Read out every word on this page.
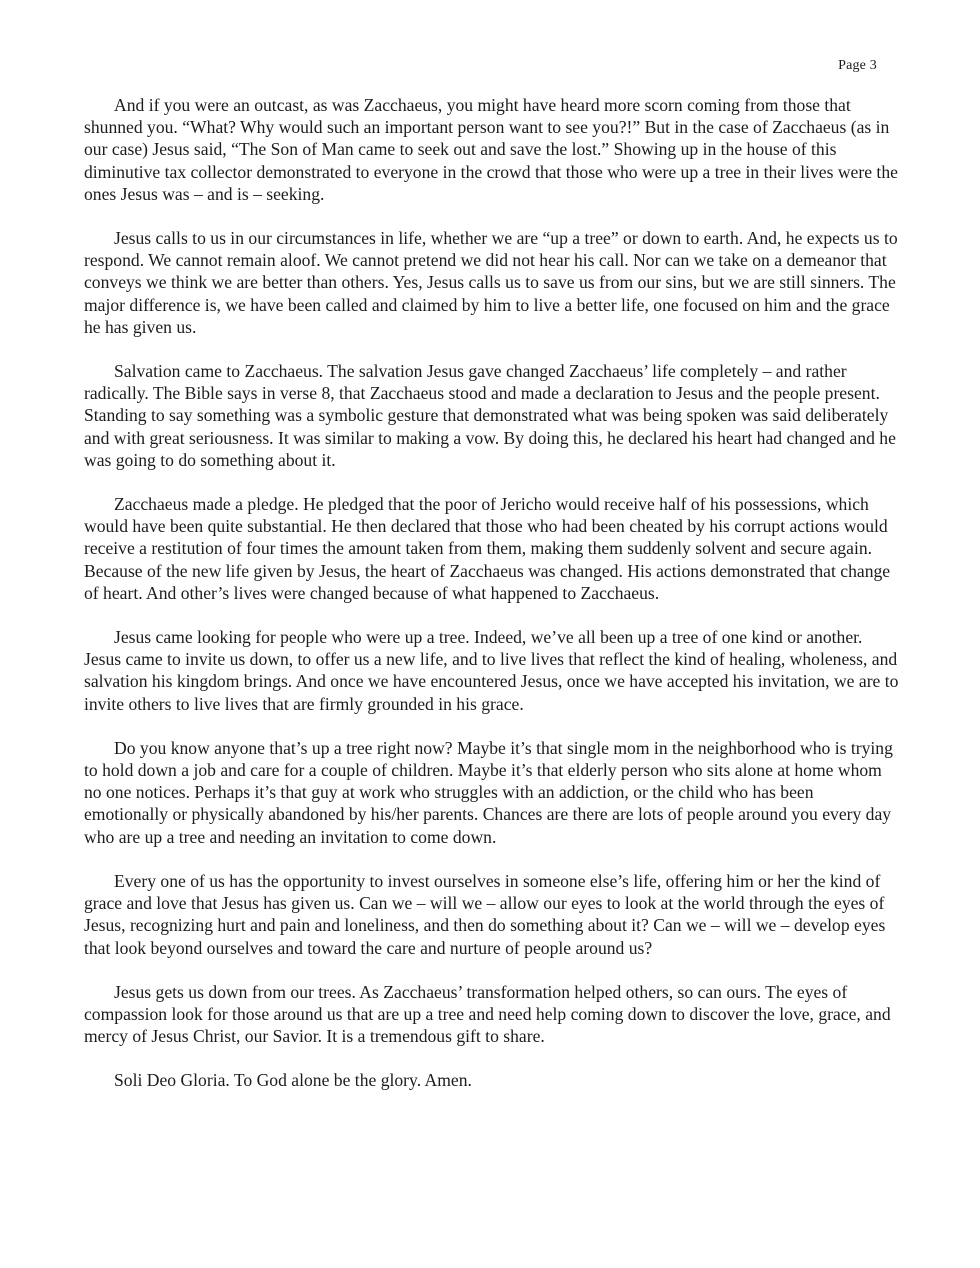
Page 3

And if you were an outcast, as was Zacchaeus, you might have heard more scorn coming from those that shunned you. “What? Why would such an important person want to see you?!” But in the case of Zacchaeus (as in our case) Jesus said, “The Son of Man came to seek out and save the lost.” Showing up in the house of this diminutive tax collector demonstrated to everyone in the crowd that those who were up a tree in their lives were the ones Jesus was – and is – seeking.

Jesus calls to us in our circumstances in life, whether we are “up a tree” or down to earth. And, he expects us to respond. We cannot remain aloof. We cannot pretend we did not hear his call. Nor can we take on a demeanor that conveys we think we are better than others. Yes, Jesus calls us to save us from our sins, but we are still sinners. The major difference is, we have been called and claimed by him to live a better life, one focused on him and the grace he has given us.

Salvation came to Zacchaeus. The salvation Jesus gave changed Zacchaeus’ life completely – and rather radically. The Bible says in verse 8, that Zacchaeus stood and made a declaration to Jesus and the people present. Standing to say something was a symbolic gesture that demonstrated what was being spoken was said deliberately and with great seriousness. It was similar to making a vow. By doing this, he declared his heart had changed and he was going to do something about it.

Zacchaeus made a pledge. He pledged that the poor of Jericho would receive half of his possessions, which would have been quite substantial. He then declared that those who had been cheated by his corrupt actions would receive a restitution of four times the amount taken from them, making them suddenly solvent and secure again. Because of the new life given by Jesus, the heart of Zacchaeus was changed. His actions demonstrated that change of heart. And other’s lives were changed because of what happened to Zacchaeus.

Jesus came looking for people who were up a tree. Indeed, we’ve all been up a tree of one kind or another. Jesus came to invite us down, to offer us a new life, and to live lives that reflect the kind of healing, wholeness, and salvation his kingdom brings. And once we have encountered Jesus, once we have accepted his invitation, we are to invite others to live lives that are firmly grounded in his grace.

Do you know anyone that’s up a tree right now? Maybe it’s that single mom in the neighborhood who is trying to hold down a job and care for a couple of children. Maybe it’s that elderly person who sits alone at home whom no one notices. Perhaps it’s that guy at work who struggles with an addiction, or the child who has been emotionally or physically abandoned by his/her parents. Chances are there are lots of people around you every day who are up a tree and needing an invitation to come down.

Every one of us has the opportunity to invest ourselves in someone else’s life, offering him or her the kind of grace and love that Jesus has given us. Can we – will we – allow our eyes to look at the world through the eyes of Jesus, recognizing hurt and pain and loneliness, and then do something about it? Can we – will we – develop eyes that look beyond ourselves and toward the care and nurture of people around us?

Jesus gets us down from our trees. As Zacchaeus’ transformation helped others, so can ours. The eyes of compassion look for those around us that are up a tree and need help coming down to discover the love, grace, and mercy of Jesus Christ, our Savior. It is a tremendous gift to share.

Soli Deo Gloria. To God alone be the glory. Amen.
